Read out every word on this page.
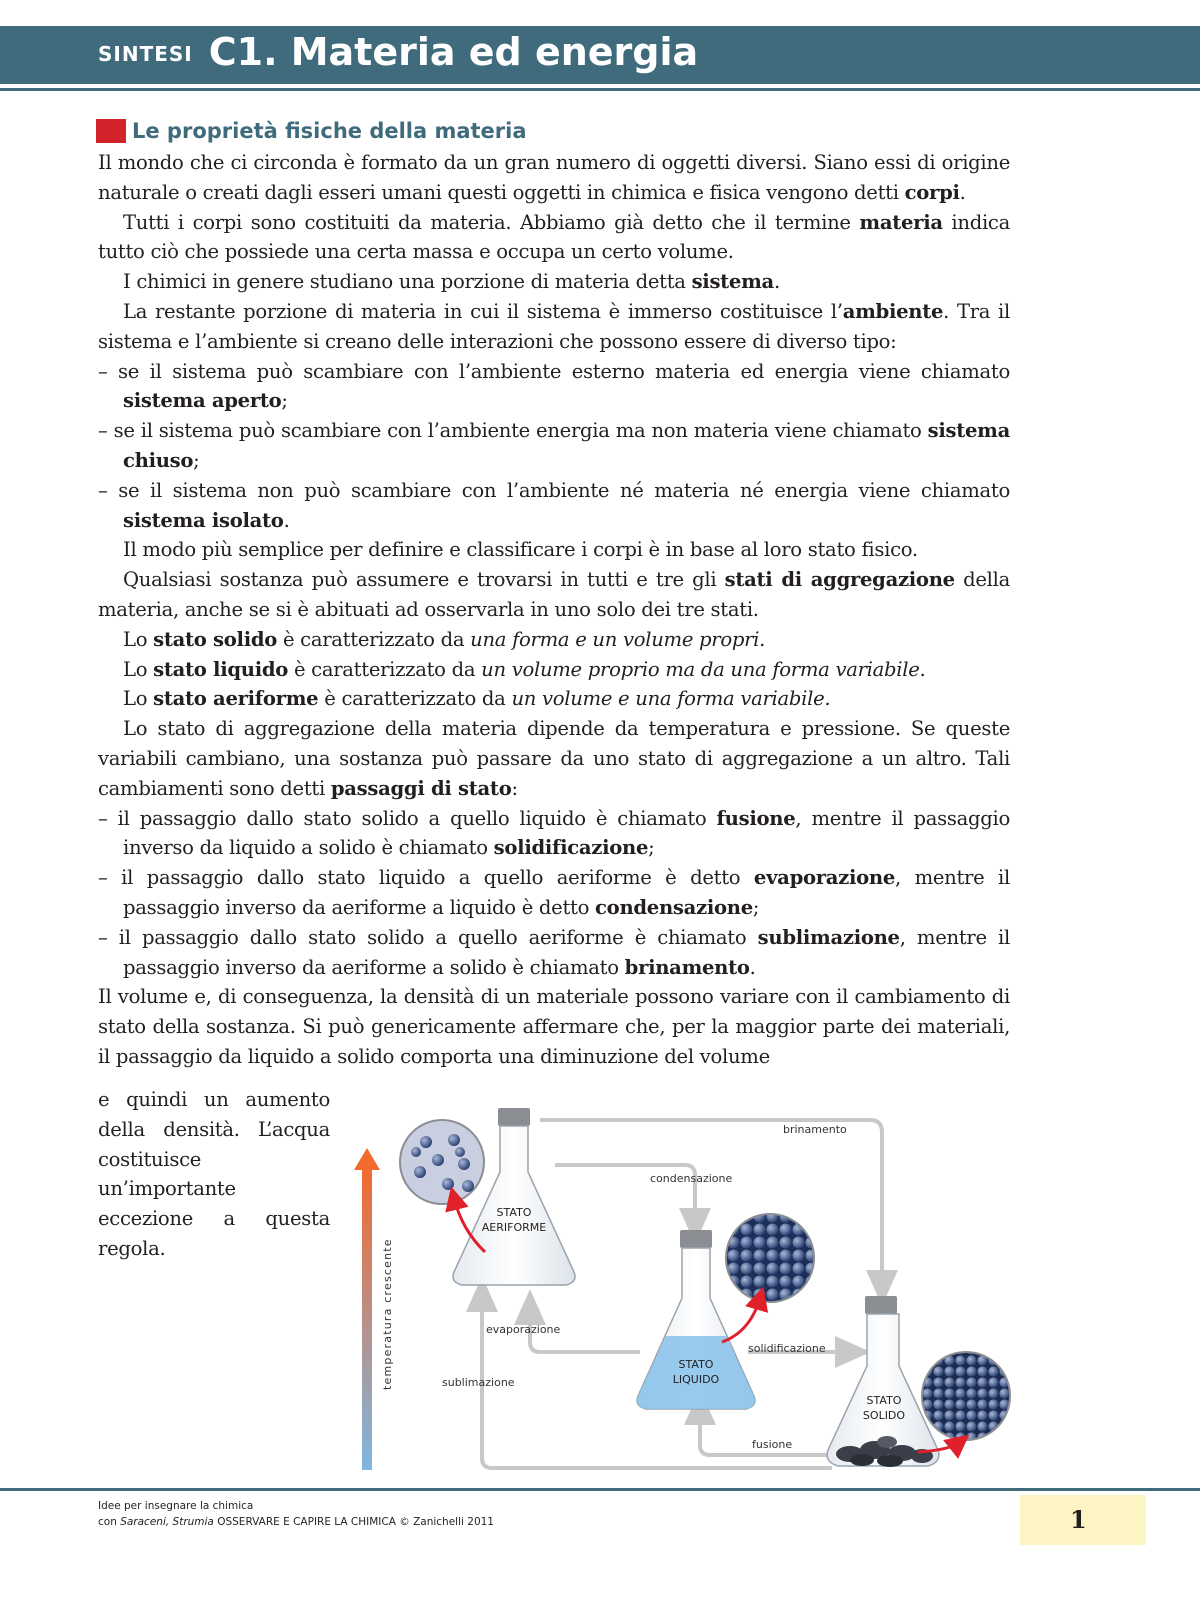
SINTESI C1. Materia ed energia
Le proprietà fisiche della materia

Il mondo che ci circonda è formato da un gran numero di oggetti diversi. Siano essi di origine naturale o creati dagli esseri umani questi oggetti in chimica e fisica vengono detti corpi.

Tutti i corpi sono costituiti da materia. Abbiamo già detto che il termine materia indica tutto ciò che possiede una certa massa e occupa un certo volume.

I chimici in genere studiano una porzione di materia detta sistema.

La restante porzione di materia in cui il sistema è immerso costituisce l’ambiente. Tra il sistema e l’ambiente si creano delle interazioni che possono essere di diverso tipo:

– se il sistema può scambiare con l’ambiente esterno materia ed energia viene chiamato sistema aperto;

– se il sistema può scambiare con l’ambiente energia ma non materia viene chiamato sistema chiuso;

– se il sistema non può scambiare con l’ambiente né materia né energia viene chiamato sistema isolato.

Il modo più semplice per definire e classificare i corpi è in base al loro stato fisico.

Qualsiasi sostanza può assumere e trovarsi in tutti e tre gli stati di aggregazione della materia, anche se si è abituati ad osservarla in uno solo dei tre stati.

Lo stato solido è caratterizzato da una forma e un volume propri.

Lo stato liquido è caratterizzato da un volume proprio ma da una forma variabile.

Lo stato aeriforme è caratterizzato da un volume e una forma variabile.

Lo stato di aggregazione della materia dipende da temperatura e pressione. Se queste variabili cambiano, una sostanza può passare da uno stato di aggregazione a un altro. Tali cambiamenti sono detti passaggi di stato:

– il passaggio dallo stato solido a quello liquido è chiamato fusione, mentre il passaggio inverso da liquido a solido è chiamato solidificazione;

– il passaggio dallo stato liquido a quello aeriforme è detto evaporazione, mentre il passaggio inverso da aeriforme a liquido è detto condensazione;

– il passaggio dallo stato solido a quello aeriforme è chiamato sublimazione, mentre il passaggio inverso da aeriforme a solido è chiamato brinamento.

Il volume e, di conseguenza, la densità di un materiale possono variare con il cambiamento di stato della sostanza. Si può genericamente affermare che, per la maggior parte dei materiali, il passaggio da liquido a solido comporta una diminuzione del volume

e quindi un aumento della densità. L’acqua costituisce un’importante eccezione a questa regola.	temperatura crescente
STATO
AERIFORME
STATO
LIQUIDO
STATO
SOLIDO
brinamento
condensazione
evaporazione
solidificazione
sublimazione
fusione
Idee per insegnare la chimica
con Saraceni, Strumia OSSERVARE E CAPIRE LA CHIMICA © Zanichelli 2011	1
